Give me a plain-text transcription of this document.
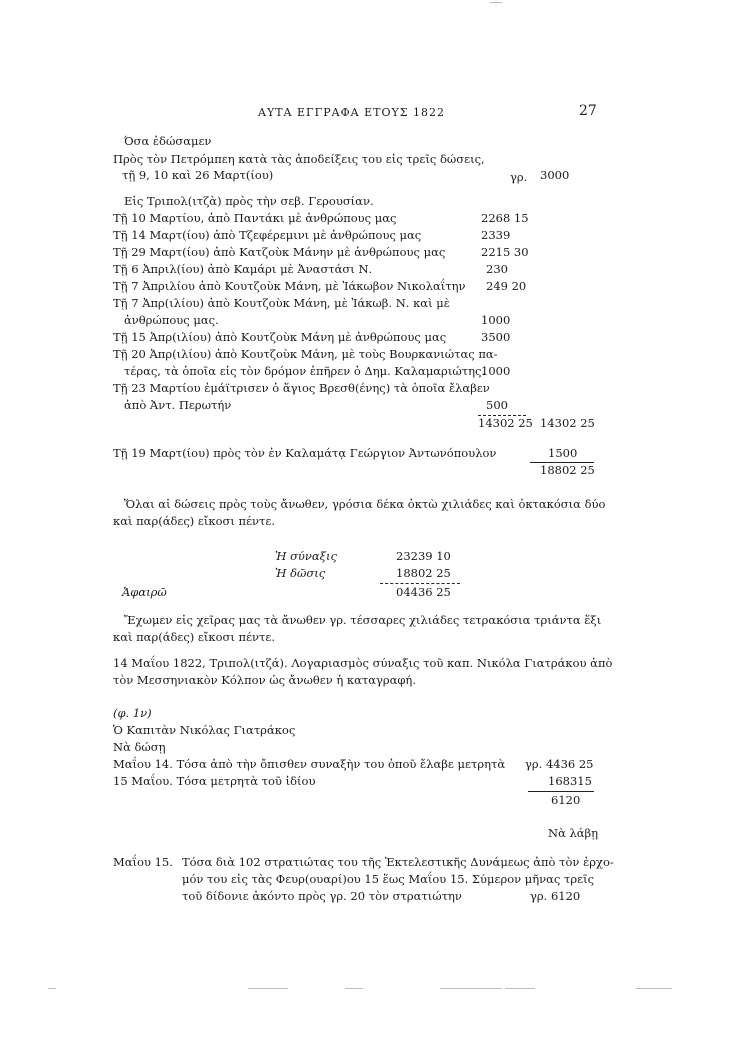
ΑΥΤΑ ΕΓΓΡΑΦΑ ΕΤΟΥΣ 1822	27
Όσα ἐδώσαμεν
Πρὸς τὸν Πετρόμπεη κατὰ τὰς ἀποδείξεις του εἰς τρεῖς δώσεις,
τῇ 9, 10 καὶ 26 Μαρτ(ίου)	γρ. 3000
Εἰς Τριπολ(ιτζὰ) πρὸς τὴν σεβ. Γερουσίαν.
Τῇ 10 Μαρτίου, ἀπὸ Παντάκι μὲ ἀνθρώπους μας	2268 15
Τῇ 14 Μαρτ(ίου) ἀπὸ Τζεφέρεμινι μὲ ἀνθρώπους μας	2339
Τῇ 29 Μαρτ(ίου) ἀπὸ Κατζοὺκ Μάνην μὲ ἀνθρώπους μας	2215 30
Τῇ 6 Ἀπριλ(ίου) ἀπὸ Καμάρι μὲ Ἀναστάσι Ν.	230
Τῇ 7 Ἀπριλίου ἀπὸ Κουτζοὺκ Μάνη, μὲ Ἰάκωβον Νικολαΐτην 249 20
Τῇ 7 Ἀπρ(ιλίου) ἀπὸ Κουτζοὺκ Μάνη, μὲ Ἰάκωβ. Ν. καὶ μὲ
ἀνθρώπους μας.	1000
Τῇ 15 Ἀπρ(ιλίου) ἀπὸ Κουτζοὺκ Μάνη μὲ ἀνθρώπους μας	3500
Τῇ 20 Ἀπρ(ιλίου) ἀπὸ Κουτζοὺκ Μάνη, μὲ τοὺς Βουρκανιώτας πα-
τέρας, τὰ ὁποῖα εἰς τὸν δρόμον ἐπῆρεν ὁ Δημ. Καλαμαριώτης.
1000
Τῇ 23 Μαρτίου ἐμάϊτρισεν ὁ ἅγιος Βρεσθ(ένης) τὰ ὁποῖα ἔλαβεν
ἀπὸ Ἀντ. Περωτήν	500
14302 25 14302 25
Τῇ 19 Μαρτ(ίου) πρὸς τὸν ἐν Καλαμάτᾳ Γεώργιον Ἀντωνόπουλον	1500
18802 25
Ὅλαι αἱ δώσεις πρὸς τοὺς ἄνωθεν, γρόσια δέκα ὀκτὼ χιλιάδες καὶ ὀκτακόσια δύο
καὶ παρ(άδες) εἴκοσι πέντε.
Ἡ σύναξις	23239 10
Ἡ δῶσις	18802 25
Ἀφαιρῶ	04436 25
Ἔχωμεν εἰς χεῖρας μας τὰ ἄνωθεν γρ. τέσσαρες χιλιάδες τετρακόσια τριάντα ἕξι
καὶ παρ(άδες) εἴκοσι πέντε.
14 Μαΐου 1822, Τριπολ(ιτζά). Λογαριασμὸς σύναξις τοῦ καπ. Νικόλα Γιατράκου ἀπὸ
τὸν Μεσσηνιακὸν Κόλπον ὡς ἄνωθεν ἡ καταγραφή.
(φ. 1ν)
Ὁ Καπιτὰν Νικόλας Γιατράκος
Νὰ δώσῃ
Μαΐου 14. Τόσα ἀπὸ τὴν ὄπισθεν συναξὴν του ὁποῦ ἔλαβε μετρητὰ γρ. 4436 25
15 Μαΐου. Τόσα μετρητὰ τοῦ ἰδίου	168315
6120
Νὰ λάβῃ
Μαΐου 15. Τόσα διὰ 102 στρατιώτας του τῆς Ἐκτελεστικῆς Δυνάμεως ἀπὸ τὸν ἐρχο-
μόν του εἰς τὰς Φευρ(ουαρί)ου 15 ἕως Μαΐου 15. Σύμερον μῆνας τρεῖς
τοῦ δίδονιε ἀκόντο πρὸς γρ. 20 τὸν στρατιώτην	γρ. 6120
